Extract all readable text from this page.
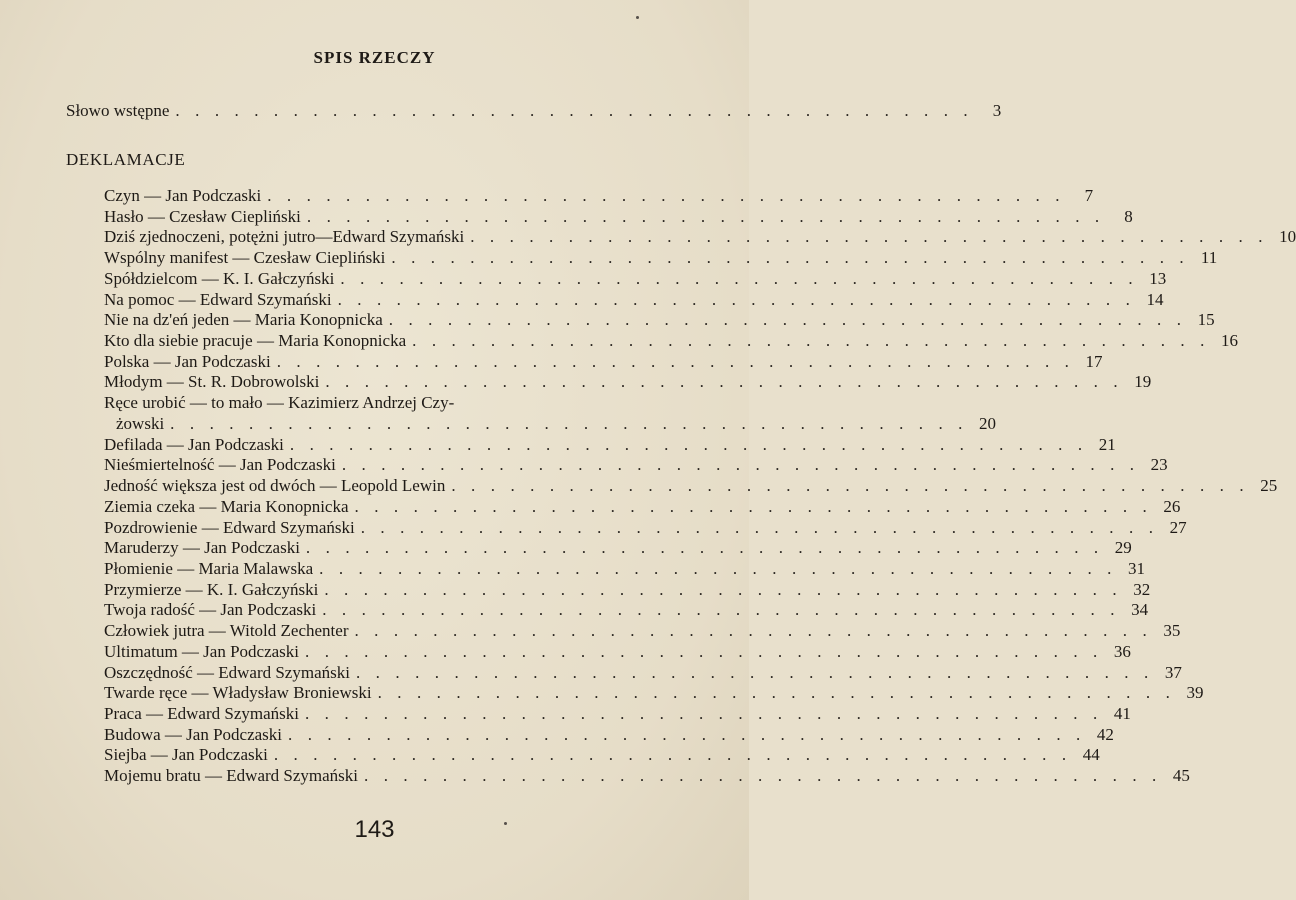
SPIS RZECZY
Słowo wstępne . . . . . . . . . . . . . . . . . . . . . . . . . . . . . . . . . . . . . . . . .	3
DEKLAMACJE
Czyn — Jan Podczaski . . . . . . . . . . . . . . . . . . . . . . . . . . . . . . . . . . . . . . . . .	7
Hasło — Czesław Ciepliński . . . . . . . . . . . . . . . . . . . . . . . . . . . . . . . . . . . . . . . . .	8
Dziś zjednoczeni, potężni jutro—Edward Szymański . . . . . . . . . . . . . . . . . . . . . . . . . . . . . . . . . . . . . . . . . 10
Wspólny manifest — Czesław Ciepliński . . . . . . . . . . . . . . . . . . . . . . . . . . . . . . . . . . . . . . . . . 11
Spółdzielcom — K. I. Gałczyński . . . . . . . . . . . . . . . . . . . . . . . . . . . . . . . . . . . . . . . . . 13
Na pomoc — Edward Szymański . . . . . . . . . . . . . . . . . . . . . . . . . . . . . . . . . . . . . . . . . 14
Nie na dz'eń jeden — Maria Konopnicka . . . . . . . . . . . . . . . . . . . . . . . . . . . . . . . . . . . . . . . . . 15
Kto dla siebie pracuje — Maria Konopnicka . . . . . . . . . . . . . . . . . . . . . . . . . . . . . . . . . . . . . . . . . 16
Polska — Jan Podczaski . . . . . . . . . . . . . . . . . . . . . . . . . . . . . . . . . . . . . . . . . 17
Młodym — St. R. Dobrowolski . . . . . . . . . . . . . . . . . . . . . . . . . . . . . . . . . . . . . . . . . 19
Ręce urobić — to mało — Kazimierz Andrzej Czy-
żowski . . . . . . . . . . . . . . . . . . . . . . . . . . . . . . . . . . . . . . . . . 20
Defilada — Jan Podczaski . . . . . . . . . . . . . . . . . . . . . . . . . . . . . . . . . . . . . . . . . 21
Nieśmiertelność — Jan Podczaski . . . . . . . . . . . . . . . . . . . . . . . . . . . . . . . . . . . . . . . . . 23
Jedność większa jest od dwóch — Leopold Lewin . . . . . . . . . . . . . . . . . . . . . . . . . . . . . . . . . . . . . . . . . 25
Ziemia czeka — Maria Konopnicka . . . . . . . . . . . . . . . . . . . . . . . . . . . . . . . . . . . . . . . . . 26
Pozdrowienie — Edward Szymański . . . . . . . . . . . . . . . . . . . . . . . . . . . . . . . . . . . . . . . . . 27
Maruderzy — Jan Podczaski . . . . . . . . . . . . . . . . . . . . . . . . . . . . . . . . . . . . . . . . . 29
Płomienie — Maria Malawska . . . . . . . . . . . . . . . . . . . . . . . . . . . . . . . . . . . . . . . . . 31
Przymierze — K. I. Gałczyński . . . . . . . . . . . . . . . . . . . . . . . . . . . . . . . . . . . . . . . . . 32
Twoja radość — Jan Podczaski . . . . . . . . . . . . . . . . . . . . . . . . . . . . . . . . . . . . . . . . . 34
Człowiek jutra — Witold Zechenter . . . . . . . . . . . . . . . . . . . . . . . . . . . . . . . . . . . . . . . . . 35
Ultimatum — Jan Podczaski . . . . . . . . . . . . . . . . . . . . . . . . . . . . . . . . . . . . . . . . . 36
Oszczędność — Edward Szymański . . . . . . . . . . . . . . . . . . . . . . . . . . . . . . . . . . . . . . . . . 37
Twarde ręce — Władysław Broniewski . . . . . . . . . . . . . . . . . . . . . . . . . . . . . . . . . . . . . . . . . 39
Praca — Edward Szymański . . . . . . . . . . . . . . . . . . . . . . . . . . . . . . . . . . . . . . . . . 41
Budowa — Jan Podczaski . . . . . . . . . . . . . . . . . . . . . . . . . . . . . . . . . . . . . . . . . 42
Siejba — Jan Podczaski . . . . . . . . . . . . . . . . . . . . . . . . . . . . . . . . . . . . . . . . . 44
Mojemu bratu — Edward Szymański . . . . . . . . . . . . . . . . . . . . . . . . . . . . . . . . . . . . . . . . . 45
143
